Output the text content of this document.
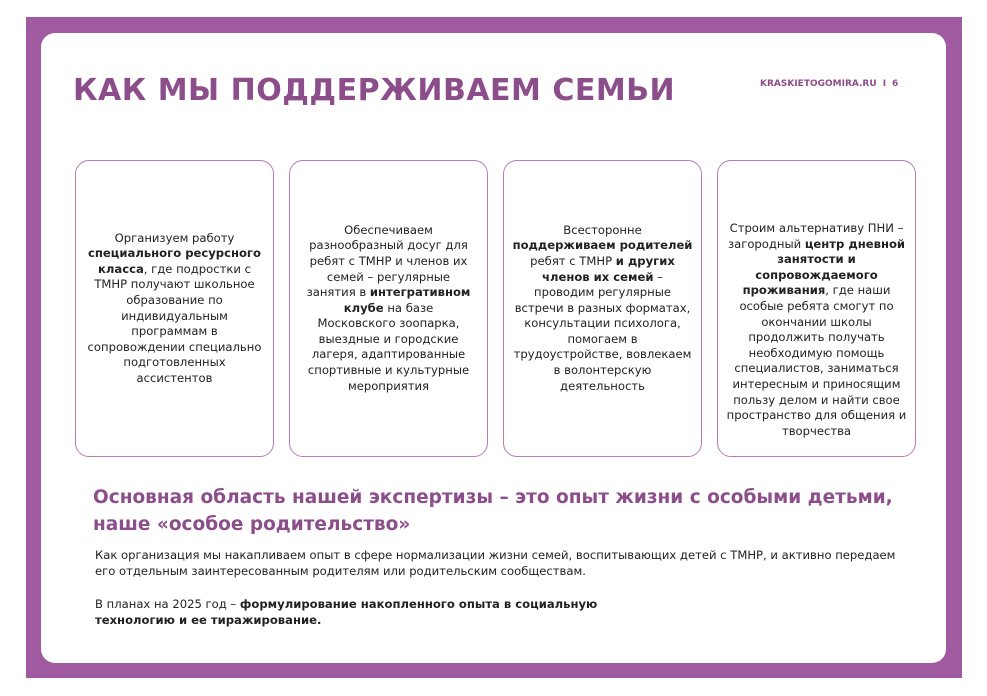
КАК МЫ ПОДДЕРЖИВАЕМ СЕМЬИ	KRASKIETOGOMIRA.RU I 6

Организуем работу специального ресурсного класса, где подростки с ТМНР получают школьное образование по индивидуальным программам в сопровождении специально подготовленных ассистентов

Обеспечиваем разнообразный досуг для ребят с ТМНР и членов их семей – регулярные занятия в интегративном клубе на базе Московского зоопарка, выездные и городские лагеря, адаптированные спортивные и культурные мероприятия

Всесторонне поддерживаем родителей ребят с ТМНР и других членов их семей – проводим регулярные встречи в разных форматах, консультации психолога, помогаем в трудоустройстве, вовлекаем в волонтерскую деятельность

Строим альтернативу ПНИ – загородный центр дневной занятости и сопровождаемого проживания, где наши особые ребята смогут по окончании школы продолжить получать необходимую помощь специалистов, заниматься интересным и приносящим пользу делом и найти свое пространство для общения и творчества

Основная область нашей экспертизы – это опыт жизни с особыми детьми, наше «особое родительство»

Как организация мы накапливаем опыт в сфере нормализации жизни семей, воспитывающих детей с ТМНР, и активно передаем его отдельным заинтересованным родителям или родительским сообществам.

В планах на 2025 год – формулирование накопленного опыта в социальную технологию и ее тиражирование.
